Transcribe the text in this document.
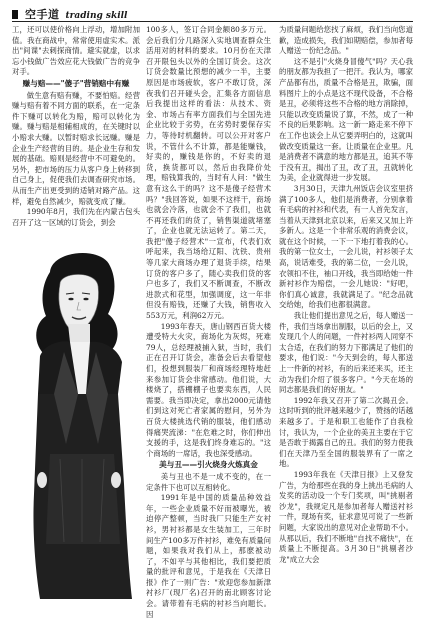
空手道 trading skill

工，还可以使价格向上浮动，增加附加值。我在商战中，常常使用虚实术。派出"间谍"去刺探商情。避实就虚，以求忘小钱做广告效应花大钱做广告的竞争对手。

赚与赔——"傻子"营销赔中有赚

做生意有赔有赚，不要怕赔。经营赚与赔有着不同方面的联系，在一定条件下赚可以转化为赔，赔可以转化为赚。赚与赔是相辅相成的，在关键时以小赔求大赚。以暂时赔求长远赚。赚是企业生产经营的目的。是企业生存和发展的基础。赔则是经营中不可避免的。另外，把市场的压力从客户身上转移到自己身上，促使我们去调查研究市场。从而生产出更受到的适销对路产品。这样，避免自然减少，赔就变成了赚。

1990年8月，我们先在内蒙古包头召开了这一区域的订货会，到会

100多人，签订合同金额80多万元。会后我们分几路深入实地调查群众生活用对的材料的要求。10月份在天津召开限包头以外的全国订货会。这次订货会数量比预想的减少一半，主要原因是市场疲软，客户不敢订货，深夜我们召开碰头会，汇集各方面信息后我提出这样的看法：从技术、资金、市场占有率方面我们与全国先进企业比较于劣势，在劣势时要保存实力，等待时机翻转。可以公开对客户说，不管什么不计算，都是能赚钱，好卖的，赚钱是你的，不好卖的退货，换货都可以，然后由我降价处理，赔钱算我的，当时有人问："做生意有这么干的吗？这不是傻子经营术吗？"我回答说，如果不这样干，商场也就会冷落，也就会不了我们，也就不再还我们的货了，销售渠道就堵塞了，企业也就无法运转了。第二天，我把"傻子经营术"一宣布，代表们欢呼起来，我当场给辽阳、沈铁、贵州等几家大商场办理了退货手续，结果订货的客户多了，随心卖我们货的客户也多了，我们又不断调查，不断改进款式和花型，加强调度，这一年非但没有赔钱，还赚了大钱，销售收入553万元，利润62万元。

1993年春天，唐山钢西百货大楼遭受特大火灾，商场化为灰烬，死难79人，总经理被捕入狱，当时，我们正在召开订货会，准备会后去看望他们，投想到服装厂和商场经理特地赶来参加订货会非常感动。他们说，大楼烧了，搭棚棚子也要卖东西，人民需要。我当即决定，拿出2000元请他们到这对死亡者家属的慰问，另外为百货大楼挑选代销的服装，他们感动得痛哭流涕："在危难之时，你们伸出支援的手，这是我们终身难忘的。"这个商场的一席话，我也深受感动。

美与丑——引火烧身火炼真金

美与丑也不是一成不变的，在一定条件下也可以互相转化。

1991年是中国的质量品种效益年，一些企业质量不好而被曝光，被迫停产整顿，当时我厂只能生产女衬衫，男衬衫都是女生装加工，三年时间生产100多万件衬衫，难免有质量问题，如果我对我们从上，那麽被动了，不如平与其他相比，我们要把质量的批评和意见，于是我在《天津日报》作了一则广告："欢迎您参加新津衬衫厂(现厂名)召开的南北顾客讨论会。请带着有毛病的衬衫当向题长。因

为质量问题给您找了麻烦，我们当向您道歉，造成损失，我们如期赔偿，参加者每人赠送一份纪念品。"

这不是引"火烧身冒傻气"吗？天心我的朋友都为我担了一把汗。我认为，哪家产品都有出，质量不合格是丑，欺骗，面料图片上的小点是这不现代设备，不合格是丑，必须将这些不合格的地方消除掉，只能以改变质量说了算，不然，成了一种不良的后果影响。这一新一路走来不停下在工作也谈会上从它要弄明白的，这就叫做改变质量这一套。让质量在企业里。凡是消费者不满意的地方都是丑，追其不等于没有丑，揭出了丑，改了丑，丑就转化为美，企业就得进一步发展。

3月30日，天津九州饭店会议室里挤满了100多人，他们是消费者，分别拿着有毛病的衬衫和代表，有一人首先发言，当着从天津到北京以来，后来又又加上许多新人。这是一个非常乐观的消费会议，就在这个时候，一下一下地打着我的心。我的第一位女士，一会儿说，衬衫领子太高，说话难受，我的第二位，一会儿说，衣领扣不住，袖口开线，我当即给她一件新衬衫作为赔偿，一会儿她说："好吧，你们真心诚意，我就满足了。"纪念品就交给她，给我们也都很满意。

我让他们提出意见之后，每人赠送一件，我们当场拿出制服，以后的会上，又发现几个人的问题，一件衬衫两人同穿不太合适，在我们的努力下都满足了他们的要求，他们说："今天到会的，每人都送上一件新的衬衫，有的后来还来买，还主动为我们介绍了很多客户。"今天在场的同志都是我们的好朋友。"

1992年我又召开了第二次揭丑会。这时听到的批评越来越少了，赞扬的话越来越多了。于是和职工也能作了自我检讨，我认为，一个企业的美丑主要在于它是否敢于揭露自己的丑。我们的努力使我们在天津乃至全国的服装界有了一席之地。

1993年我在《天津日报》上又登发广告，为给那些在我的身上挑出毛病的人发奖的活动设一个专门奖项，叫"挑剔者沙龙"，我规定凡是参加者每人赠送衬衫一件，现场有奖，征求意见可说了一些新问题，大家说出的意见对企业帮助不小。从那以后，我们不断地"自找不痛快"，在质量上不断提高。3月30日"挑剔者沙龙"成立大会
